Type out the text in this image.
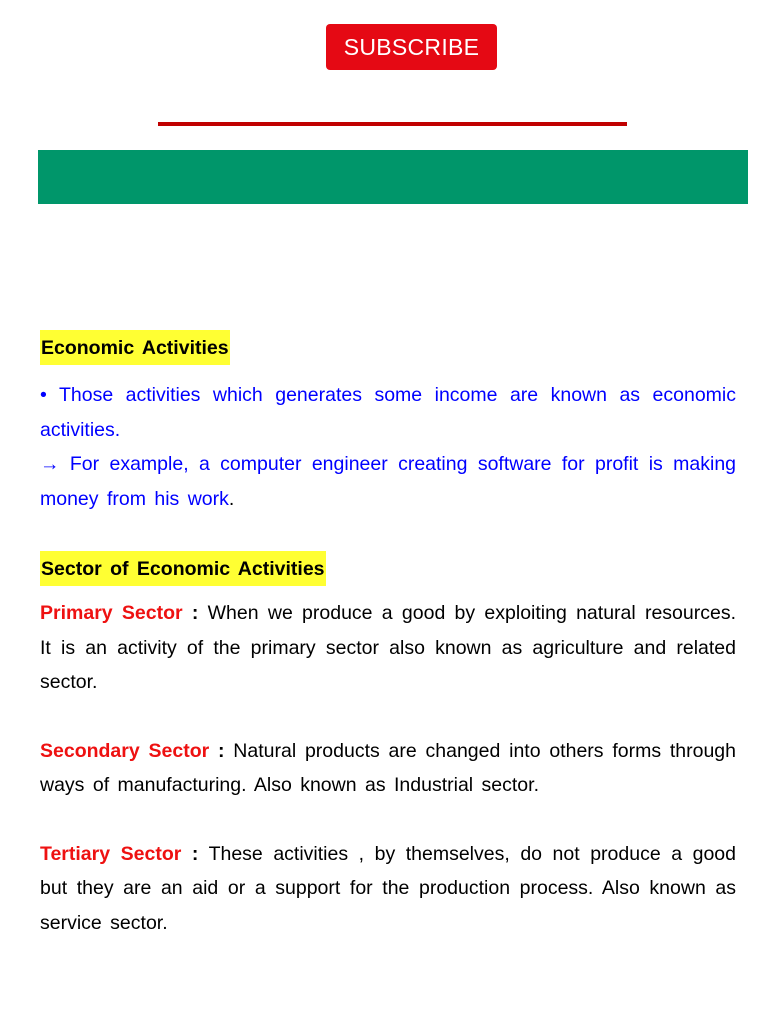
SUBSCRIBE
Economic Activities

• Those activities which generates some income are known as economic activities.

→ For example, a computer engineer creating software for profit is making money from his work.

Sector of Economic Activities

Primary Sector : When we produce a good by exploiting natural resources. It is an activity of the primary sector also known as agriculture and related sector.

Secondary Sector : Natural products are changed into others forms through ways of manufacturing. Also known as Industrial sector.

Tertiary Sector : These activities , by themselves, do not produce a good but they are an aid or a support for the production process. Also known as service sector.
